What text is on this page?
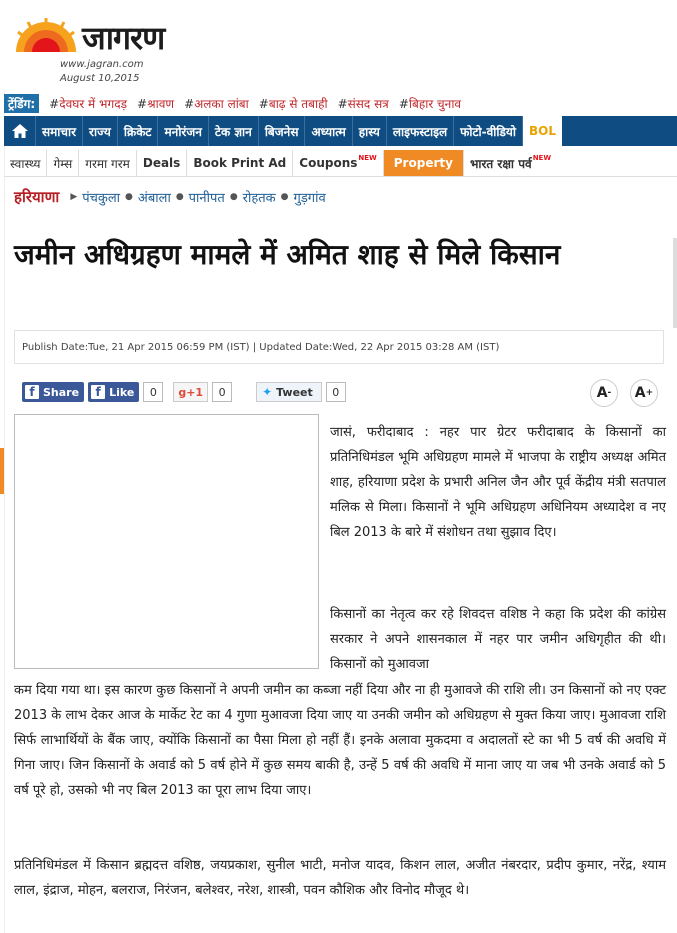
जागरण
www.jagran.com
August 10,2015
ट्रेंडिंग:	#देवघर में भगदड़ #श्रावण #अलका लांबा #बाढ़ से तबाही #संसद सत्र #बिहार चुनाव
समाचार	राज्य	क्रिकेट	मनोरंजन	टेक ज्ञान	बिजनेस	अध्यात्म	हास्य	लाइफस्टाइल	फोटो-वीडियो	BOL
स्वास्थ्य	गेम्स	गरमा गरम	Deals	Book Print Ad	Coupons NEW	Property	भारत रक्षा पर्व NEW
हरियाणा ▶ पंचकुला ● अंबाला ● पानीपत ● रोहतक ● गुड़गांव
जमीन अधिग्रहण मामले में अमित शाह से मिले किसान
Publish Date:Tue, 21 Apr 2015 06:59 PM (IST) | Updated Date:Wed, 22 Apr 2015 03:28 AM (IST)
f Share	f Like	0	g +1	0	✦ Tweet	0	A - A +

जासं, फरीदाबाद : नहर पार ग्रेटर फरीदाबाद के किसानों का प्रतिनिधिमंडल भूमि अधिग्रहण मामले में भाजपा के राष्ट्रीय अध्यक्ष अमित शाह, हरियाणा प्रदेश के प्रभारी अनिल जैन और पूर्व केंद्रीय मंत्री सतपाल मलिक से मिला। किसानों ने भूमि अधिग्रहण अधिनियम अध्यादेश व नए बिल 2013 के बारे में संशोधन तथा सुझाव दिए।

किसानों का नेतृत्व कर रहे शिवदत्त वशिष्ठ ने कहा कि प्रदेश की कांग्रेस सरकार ने अपने शासनकाल में नहर पार जमीन अधिगृहीत की थी। किसानों को मुआवजा

कम दिया गया था। इस कारण कुछ किसानों ने अपनी जमीन का कब्जा नहीं दिया और ना ही मुआवजे की राशि ली। उन किसानों को नए एक्ट 2013 के लाभ देकर आज के मार्केट रेट का 4 गुणा मुआवजा दिया जाए या उनकी जमीन को अधिग्रहण से मुक्त किया जाए। मुआवजा राशि सिर्फ लाभार्थियों के बैंक जाए, क्योंकि किसानों का पैसा मिला हो नहीं हैं। इनके अलावा मुकदमा व अदालतों स्टे का भी 5 वर्ष की अवधि में गिना जाए। जिन किसानों के अवार्ड को 5 वर्ष होने में कुछ समय बाकी है, उन्हें 5 वर्ष की अवधि में माना जाए या जब भी उनके अवार्ड को 5 वर्ष पूरे हो, उसको भी नए बिल 2013 का पूरा लाभ दिया जाए।

प्रतिनिधिमंडल में किसान ब्रह्मदत्त वशिष्ठ, जयप्रकाश, सुनील भाटी, मनोज यादव, किशन लाल, अजीत नंबरदार, प्रदीप कुमार, नरेंद्र, श्याम लाल, इंद्राज, मोहन, बलराज, निरंजन, बलेश्वर, नरेश, शास्त्री, पवन कौशिक और विनोद मौजूद थे।
